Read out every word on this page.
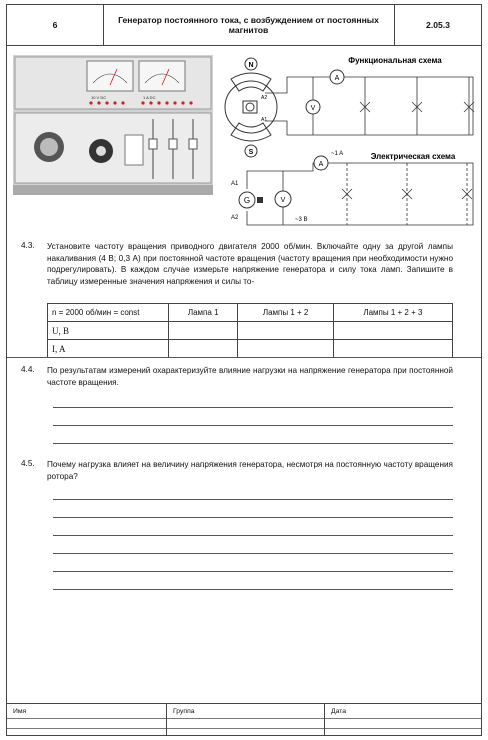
6	Генератор постоянного тока, с возбуждением от постоянных магнитов	2.05.3
10 V DC	1 A DC
Функциональная схема
N
S
A2
A1
A
V
Электрическая схема
G
A1
A2
A
~1 A
V
~3 B
4.3. Установите частоту вращения приводного двигателя 2000 об/мин. Включайте одну за другой лампы накаливания (4 В; 0,3 А) при постоянной частоте вращения (частоту вращения при необходимости нужно подрегулировать). В каждом случае измерьте напряжение генератора и силу тока ламп. Запишите в таблицу измеренные значения напряжения и силы то-
n = 2000 об/мин = const	Лампа 1	Лампы 1 + 2	Лампы 1 + 2 + 3
U, B			
I, A			
4.4. По результатам измерений охарактеризуйте влияние нагрузки на напряжение генератора при постоянной частоте вращения.
4.5. Почему нагрузка влияет на величину напряжения генератора, несмотря на постоянную частоту вращения ротора?
Имя	Группа	Дата
